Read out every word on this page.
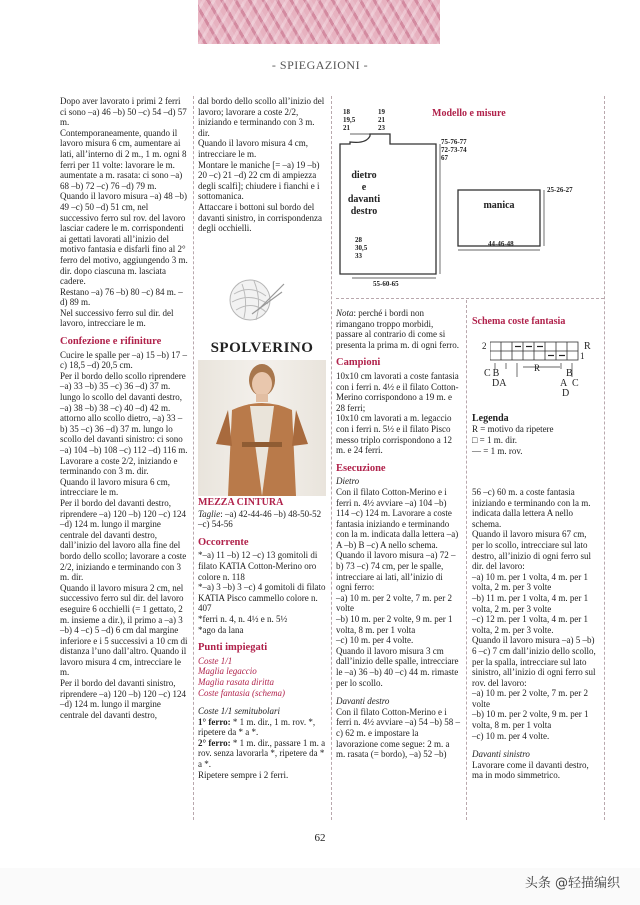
- SPIEGAZIONI -

Dopo aver lavorato i primi 2 ferri ci sono –a) 46 –b) 50 –c) 54 –d) 57 m.
Contemporaneamente, quando il lavoro misura 6 cm, aumentare ai lati, all’interno di 2 m., 1 m. ogni 8 ferri per 11 volte: lavorare le m. aumentate a m. rasata: ci sono –a) 68 –b) 72 –c) 76 –d) 79 m.
Quando il lavoro misura –a) 48 –b) 49 –c) 50 –d) 51 cm, nel successivo ferro sul rov. del lavoro lasciar cadere le m. corrispondenti ai gettati lavorati all’inizio del motivo fantasia e disfarli fino al 2° ferro del motivo, aggiungendo 3 m. dir. dopo ciascuna m. lasciata cadere.
Restano –a) 76 –b) 80 –c) 84 m. –d) 89 m.
Nel successivo ferro sul dir. del lavoro, intrecciare le m.

Confezione e rifiniture

Cucire le spalle per –a) 15 –b) 17 –c) 18,5 –d) 20,5 cm.
Per il bordo dello scollo riprendere –a) 33 –b) 35 –c) 36 –d) 37 m. lungo lo scollo del davanti destro, –a) 38 –b) 38 –c) 40 –d) 42 m. attorno allo scollo dietro, –a) 33 –b) 35 –c) 36 –d) 37 m. lungo lo scollo del davanti sinistro: ci sono –a) 104 –b) 108 –c) 112 –d) 116 m.
Lavorare a coste 2/2, iniziando e terminando con 3 m. dir.
Quando il lavoro misura 6 cm, intrecciare le m.
Per il bordo del davanti destro, riprendere –a) 120 –b) 120 –c) 124 –d) 124 m. lungo il margine centrale del davanti destro, dall’inizio del lavoro alla fine del bordo dello scollo; lavorare a coste 2/2, iniziando e terminando con 3 m. dir.
Quando il lavoro misura 2 cm, nel successivo ferro sul dir. del lavoro eseguire 6 occhielli (= 1 gettato, 2 m. insieme a dir.), il primo a –a) 3 –b) 4 –c) 5 –d) 6 cm dal margine inferiore e i 5 successivi a 10 cm di distanza l’uno dall’altro. Quando il lavoro misura 4 cm, intrecciare le m.
Per il bordo del davanti sinistro, riprendere –a) 120 –b) 120 –c) 124 –d) 124 m. lungo il margine centrale del davanti destro,

dal bordo dello scollo all’inizio del lavoro; lavorare a coste 2/2, iniziando e terminando con 3 m. dir.
Quando il lavoro misura 4 cm, intrecciare le m.
Montare le maniche [= –a) 19 –b) 20 –c) 21 –d) 22 cm di ampiezza degli scalfi]; chiudere i fianchi e i sottomanica.
Attaccare i bottoni sul bordo del davanti sinistro, in corrispondenza degli occhielli.

SPOLVERINO
MEZZA CINTURA

Taglie: –a) 42-44-46 –b) 48-50-52 –c) 54-56

Occorrente

*–a) 11 –b) 12 –c) 13 gomitoli di filato KATIA Cotton-Merino oro colore n. 118
*–a) 3 –b) 3 –c) 4 gomitoli di filato KATIA Pisco cammello colore n. 407
*ferri n. 4, n. 4½ e n. 5½
*ago da lana

Punti impiegati
Coste 1/1
Maglia legaccio
Maglia rasata diritta
Coste fantasia (schema)
Coste 1/1 semitubolari

1° ferro: * 1 m. dir., 1 m. rov. *, ripetere da * a *.

2° ferro: * 1 m. dir., passare 1 m. a rov. senza lavorarla *, ripetere da * a *.

Ripetere sempre i 2 ferri.

Modello e misure
18
19,5
21
19
21
23
75-76-77
72-73-74
67
dietro
e
davanti
destro
28
30,5
33
55-60-65
manica
25-26-27
44-46-48

Nota: perché i bordi non rimangano troppo morbidi, passare al contrario di come si presenta la prima m. di ogni ferro.

Campioni

10x10 cm lavorati a coste fantasia con i ferri n. 4½ e il filato Cotton-Merino corrispondono a 19 m. e 28 ferri;
10x10 cm lavorati a m. legaccio con i ferri n. 5½ e il filato Pisco messo triplo corrispondono a 12 m. e 24 ferri.

Esecuzione
Dietro

Con il filato Cotton-Merino e i ferri n. 4½ avviare –a) 104 –b) 114 –c) 124 m. Lavorare a coste fantasia iniziando e terminando con la m. indicata dalla lettera –a) A –b) B –c) A nello schema.
Quando il lavoro misura –a) 72 –b) 73 –c) 74 cm, per le spalle, intrecciare ai lati, all’inizio di ogni ferro:
–a) 10 m. per 2 volte, 7 m. per 2 volte
–b) 10 m. per 2 volte, 9 m. per 1 volta, 8 m. per 1 volta
–c) 10 m. per 4 volte.
Quando il lavoro misura 3 cm dall’inizio delle spalle, intrecciare le –a) 36 –b) 40 –c) 44 m. rimaste per lo scollo.

Davanti destro

Con il filato Cotton-Merino e i ferri n. 4½ avviare –a) 54 –b) 58 –c) 62 m. e impostare la lavorazione come segue: 2 m. a m. rasata (= bordo), –a) 52 –b)

Schema coste fantasia
2
1
R
C B	R	B
DA	A C
D
Legenda
R = motivo da ripetere
□ = 1 m. dir.
— = 1 m. rov.

56 –c) 60 m. a coste fantasia iniziando e terminando con la m. indicata dalla lettera A nello schema.
Quando il lavoro misura 67 cm, per lo scollo, intrecciare sul lato destro, all’inizio di ogni ferro sul dir. del lavoro:
–a) 10 m. per 1 volta, 4 m. per 1 volta, 2 m. per 3 volte
–b) 11 m. per 1 volta, 4 m. per 1 volta, 2 m. per 3 volte
–c) 12 m. per 1 volta, 4 m. per 1 volta, 2 m. per 3 volte.
Quando il lavoro misura –a) 5 –b) 6 –c) 7 cm dall’inizio dello scollo, per la spalla, intrecciare sul lato sinistro, all’inizio di ogni ferro sul rov. del lavoro:
–a) 10 m. per 2 volte, 7 m. per 2 volte
–b) 10 m. per 2 volte, 9 m. per 1 volta, 8 m. per 1 volta
–c) 10 m. per 4 volte.

Davanti sinistro

Lavorare come il davanti destro, ma in modo simmetrico.

62
头条 @轻描编织
